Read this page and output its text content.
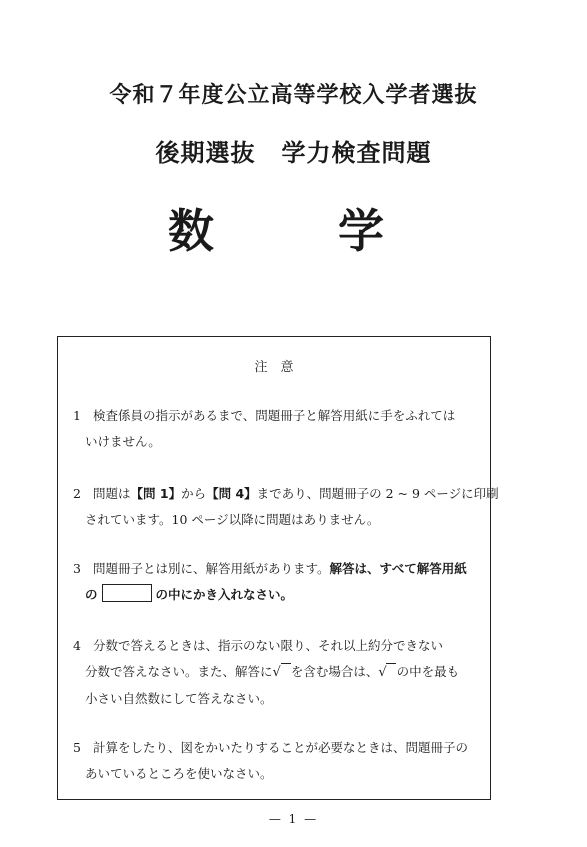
令和７年度公立高等学校入学者選抜
後期選抜 学力検査問題
数	学
注　意
1 検査係員の指示があるまで、問題冊子と解答用紙に手をふれては
いけません。
2 問題は【問 1】から【問 4】まであり、問題冊子の 2 ~ 9 ページに印刷
されています。10 ページ以降に問題はありません。
3 問題冊子とは別に、解答用紙があります。解答は、すべて解答用紙
の	の中にかき入れなさい。
4 分数で答えるときは、指示のない限り、それ以上約分できない
分数で答えなさい。また、解答に√ を含む場合は、√ の中を最も
小さい自然数にして答えなさい。
5 計算をしたり、図をかいたりすることが必要なときは、問題冊子の
あいているところを使いなさい。
— 1 —
